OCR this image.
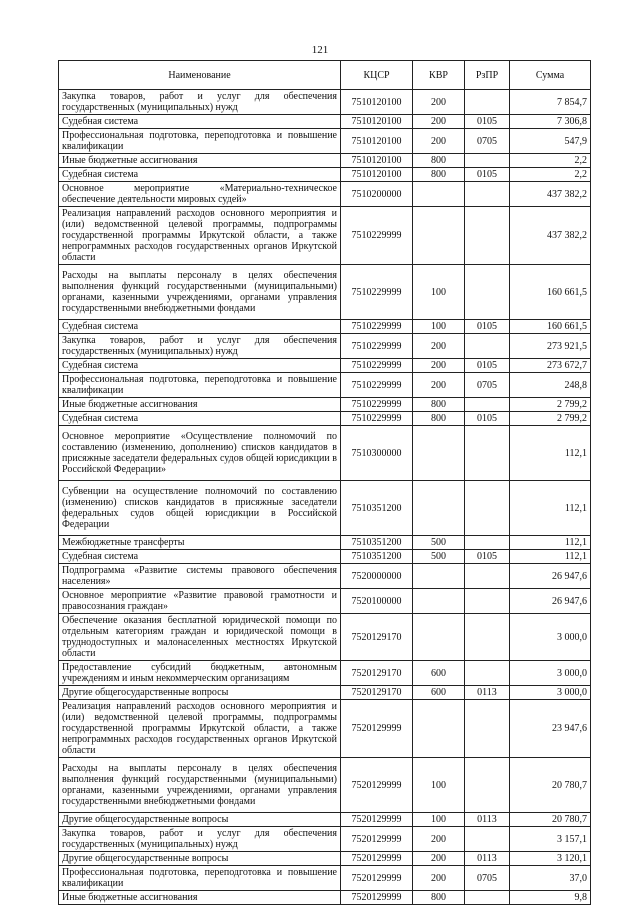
121
Наименование	КЦСР	КВР	РзПР	Сумма
Закупка товаров, работ и услуг для обеспечения государственных (муниципальных) нужд	7510120100	200		7 854,7
Судебная система	7510120100	200	0105	7 306,8
Профессиональная подготовка, переподготовка и повышение квалификации	7510120100	200	0705	547,9
Иные бюджетные ассигнования	7510120100	800		2,2
Судебная система	7510120100	800	0105	2,2
Основное мероприятие «Материально-техническое обеспечение деятельности мировых судей»	7510200000			437 382,2
Реализация направлений расходов основного мероприятия и (или) ведомственной целевой программы, подпрограммы государственной программы Иркутской области, а также непрограммных расходов государственных органов Иркутской области	7510229999			437 382,2
Расходы на выплаты персоналу в целях обеспечения выполнения функций государственными (муниципальными) органами, казенными учреждениями, органами управления государственными внебюджетными фондами	7510229999	100		160 661,5
Судебная система	7510229999	100	0105	160 661,5
Закупка товаров, работ и услуг для обеспечения государственных (муниципальных) нужд	7510229999	200		273 921,5
Судебная система	7510229999	200	0105	273 672,7
Профессиональная подготовка, переподготовка и повышение квалификации	7510229999	200	0705	248,8
Иные бюджетные ассигнования	7510229999	800		2 799,2
Судебная система	7510229999	800	0105	2 799,2
Основное мероприятие «Осуществление полномочий по составлению (изменению, дополнению) списков кандидатов в присяжные заседатели федеральных судов общей юрисдикции в Российской Федерации»	7510300000			112,1
Субвенции на осуществление полномочий по составлению (изменению) списков кандидатов в присяжные заседатели федеральных судов общей юрисдикции в Российской Федерации	7510351200			112,1
Межбюджетные трансферты	7510351200	500		112,1
Судебная система	7510351200	500	0105	112,1
Подпрограмма «Развитие системы правового обеспечения населения»	7520000000			26 947,6
Основное мероприятие «Развитие правовой грамотности и правосознания граждан»	7520100000			26 947,6
Обеспечение оказания бесплатной юридической помощи по отдельным категориям граждан и юридической помощи в труднодоступных и малонаселенных местностях Иркутской области	7520129170			3 000,0
Предоставление субсидий бюджетным, автономным учреждениям и иным некоммерческим организациям	7520129170	600		3 000,0
Другие общегосударственные вопросы	7520129170	600	0113	3 000,0
Реализация направлений расходов основного мероприятия и (или) ведомственной целевой программы, подпрограммы государственной программы Иркутской области, а также непрограммных расходов государственных органов Иркутской области	7520129999			23 947,6
Расходы на выплаты персоналу в целях обеспечения выполнения функций государственными (муниципальными) органами, казенными учреждениями, органами управления государственными внебюджетными фондами	7520129999	100		20 780,7
Другие общегосударственные вопросы	7520129999	100	0113	20 780,7
Закупка товаров, работ и услуг для обеспечения государственных (муниципальных) нужд	7520129999	200		3 157,1
Другие общегосударственные вопросы	7520129999	200	0113	3 120,1
Профессиональная подготовка, переподготовка и повышение квалификации	7520129999	200	0705	37,0
Иные бюджетные ассигнования	7520129999	800		9,8
